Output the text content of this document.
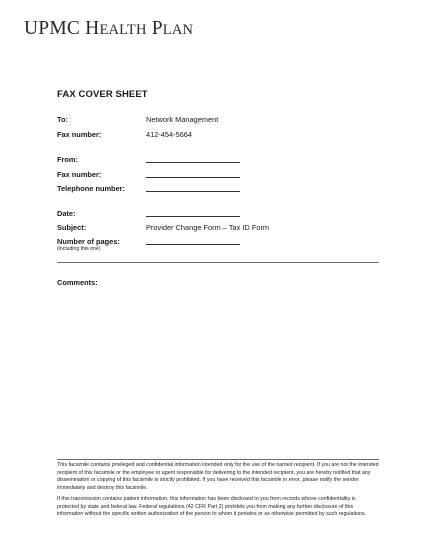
UPMC HEALTH PLAN
FAX COVER SHEET
To:	Network Management
Fax number:	412-454-5664
From:
Fax number:
Telephone number:
Date:
Subject:	Provider Change Form – Tax ID Form
Number of pages:
(including this one)
Comments:

This facsimile contains privileged and confidential information intended only for the use of the named recipient. If you are not the intended recipient of this facsimile or the employee or agent responsible for delivering to the intended recipient, you are hereby notified that any dissemination or copying of this facsimile is strictly prohibited. If you have received this facsimile in error, please notify the sender immediately and destroy this facsimile.

If this transmission contains patient information, this information has been disclosed to you from records whose confidentiality is protected by state and federal law. Federal regulations (42 CFR Part 2) prohibits you from making any further disclosure of this information without the specific written authorization of the person to whom it pertains or as otherwise permitted by such regulations.
